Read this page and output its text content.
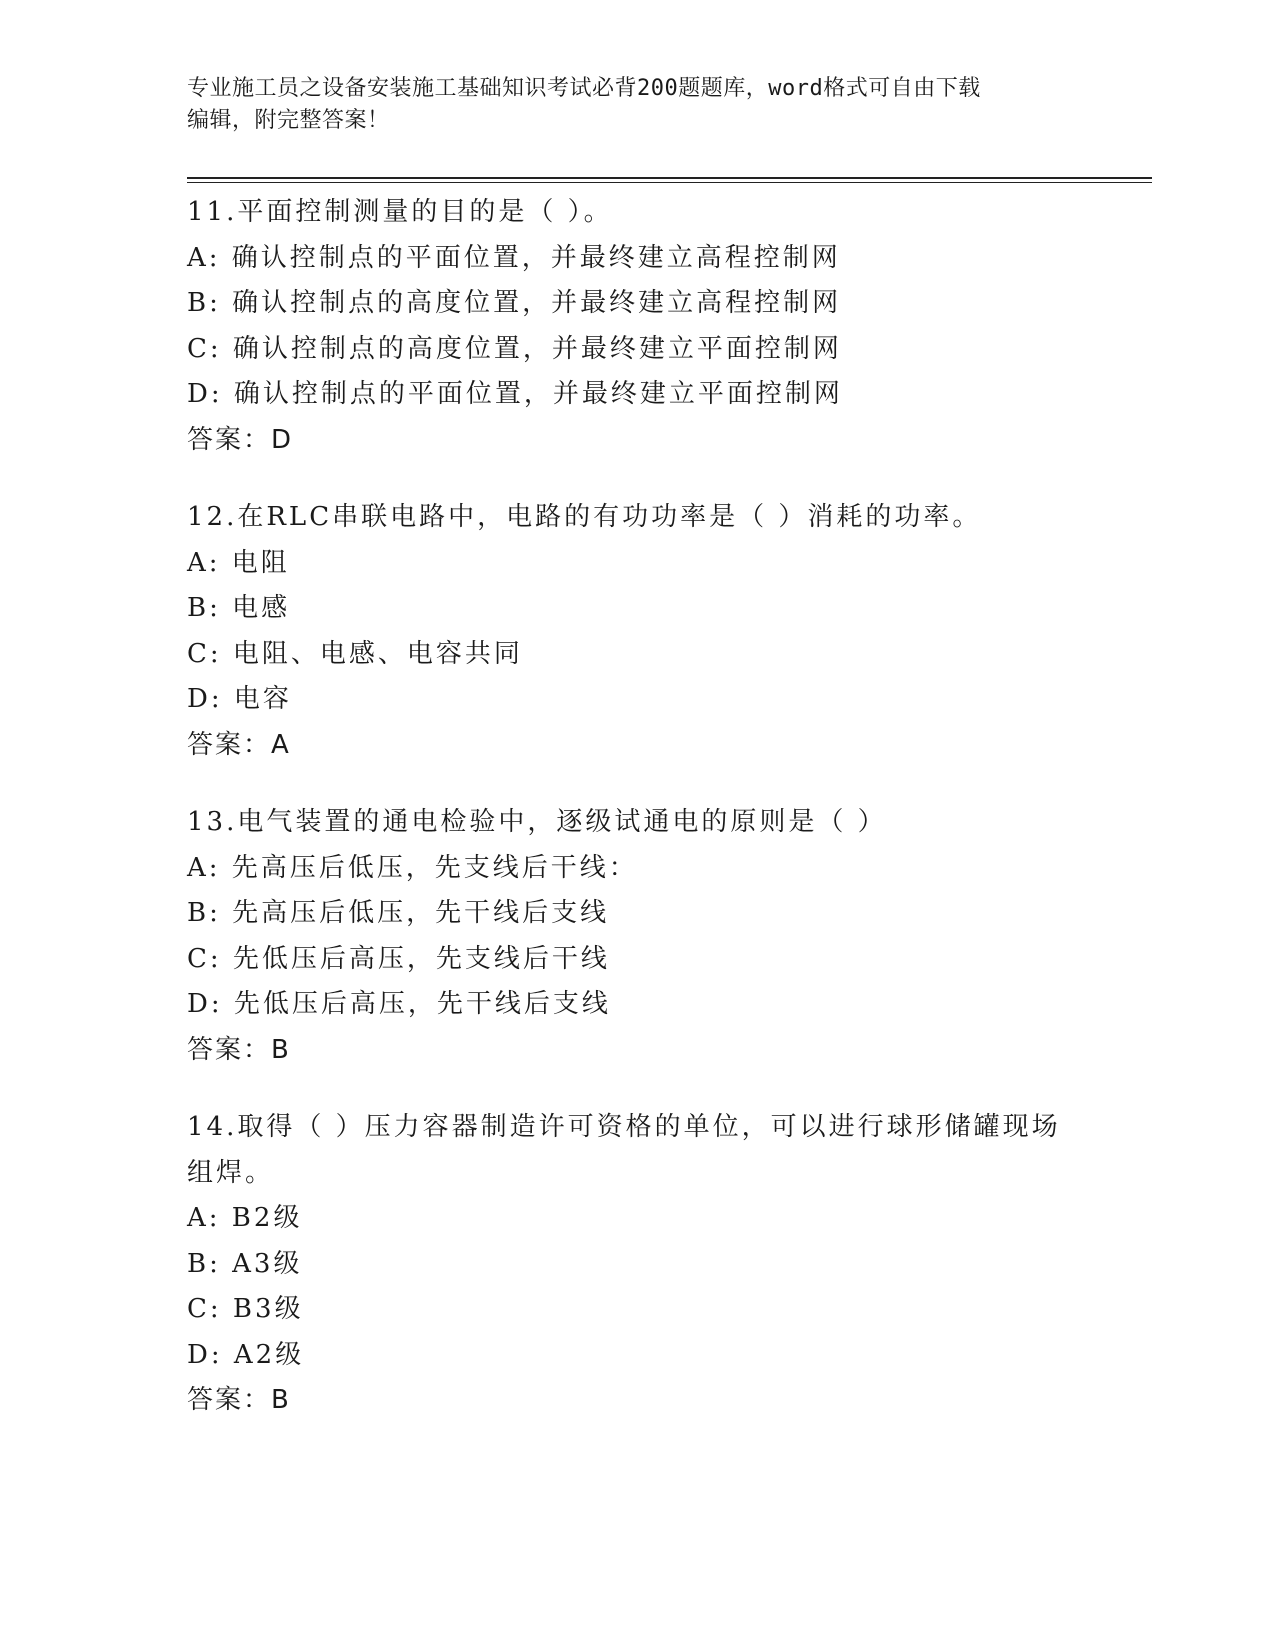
专业施工员之设备安装施工基础知识考试必背200题题库，word格式可自由下载
编辑，附完整答案！
11.平面控制测量的目的是（ ）。
A: 确认控制点的平面位置，并最终建立高程控制网
B: 确认控制点的高度位置，并最终建立高程控制网
C: 确认控制点的高度位置，并最终建立平面控制网
D: 确认控制点的平面位置，并最终建立平面控制网
答案：D
12.在RLC串联电路中，电路的有功功率是（ ）消耗的功率。
A: 电阻
B: 电感
C: 电阻、电感、电容共同
D: 电容
答案：A
13.电气装置的通电检验中，逐级试通电的原则是（ ）
A: 先高压后低压，先支线后干线：
B: 先高压后低压，先干线后支线
C: 先低压后高压，先支线后干线
D: 先低压后高压，先干线后支线
答案：B
14.取得（ ）压力容器制造许可资格的单位，可以进行球形储罐现场
组焊。
A: B2级
B: A3级
C: B3级
D: A2级
答案：B
